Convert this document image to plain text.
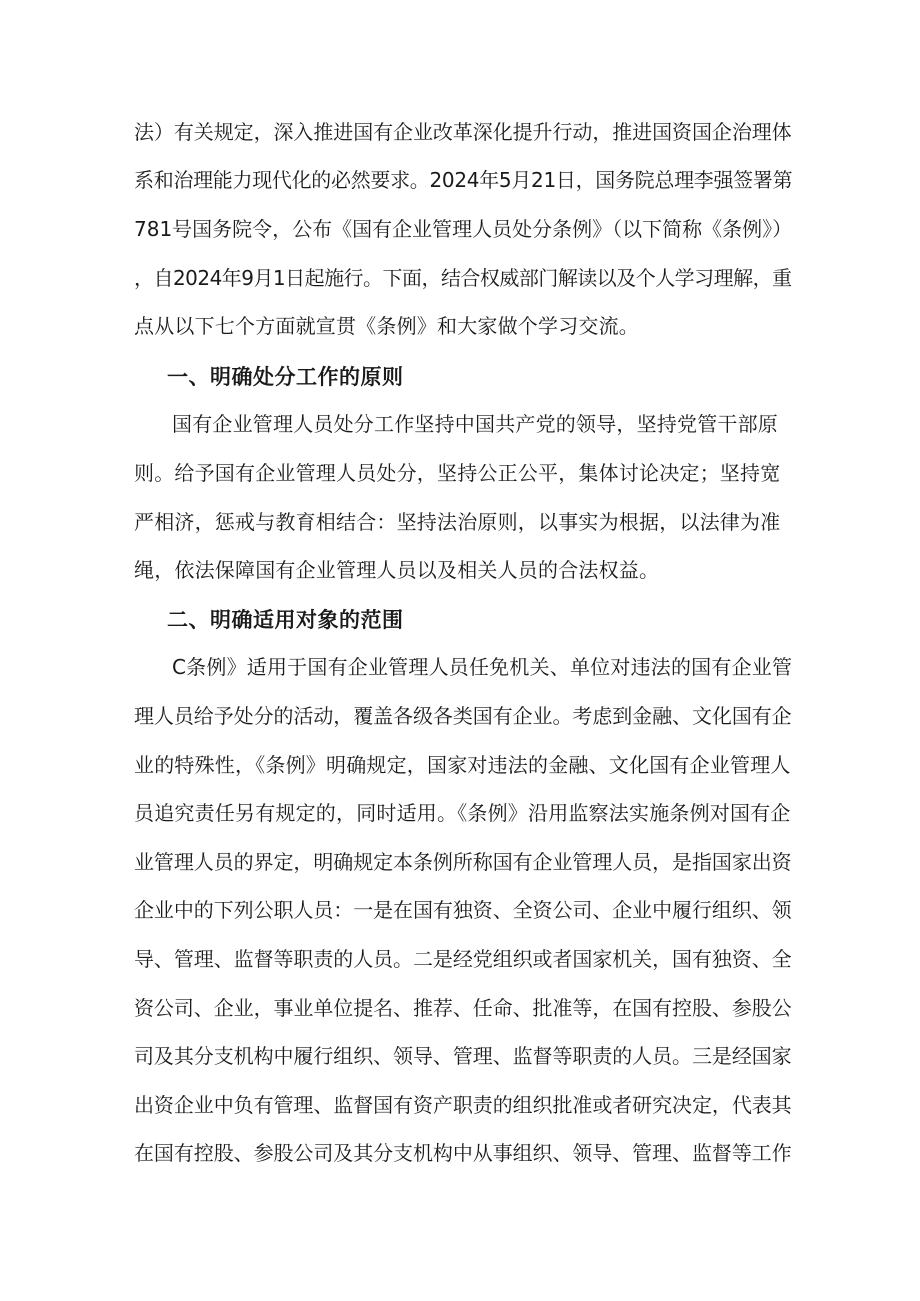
法）有关规定，深入推进国有企业改革深化提升行动，推进国资国企治理体
系和治理能力现代化的必然要求。2024年5月21日，国务院总理李强签署第
781号国务院令，公布《国有企业管理人员处分条例》（以下简称《条例》）
，自2024年9月1日起施行。下面，结合权威部门解读以及个人学习理解，重
点从以下七个方面就宣贯《条例》和大家做个学习交流。
一、明确处分工作的原则
国有企业管理人员处分工作坚持中国共产党的领导，坚持党管干部原
则。给予国有企业管理人员处分，坚持公正公平，集体讨论决定；坚持宽
严相济，惩戒与教育相结合：坚持法治原则，以事实为根据，以法律为准
绳，依法保障国有企业管理人员以及相关人员的合法权益。
二、明确适用对象的范围
C条例》适用于国有企业管理人员任免机关、单位对违法的国有企业管
理人员给予处分的活动，覆盖各级各类国有企业。考虑到金融、文化国有企
业的特殊性，《条例》明确规定，国家对违法的金融、文化国有企业管理人
员追究责任另有规定的，同时适用。《条例》沿用监察法实施条例对国有企
业管理人员的界定，明确规定本条例所称国有企业管理人员，是指国家出资
企业中的下列公职人员：一是在国有独资、全资公司、企业中履行组织、领
导、管理、监督等职责的人员。二是经党组织或者国家机关，国有独资、全
资公司、企业，事业单位提名、推荐、任命、批准等，在国有控股、参股公
司及其分支机构中履行组织、领导、管理、监督等职责的人员。三是经国家
出资企业中负有管理、监督国有资产职责的组织批准或者研究决定，代表其
在国有控股、参股公司及其分支机构中从事组织、领导、管理、监督等工作
